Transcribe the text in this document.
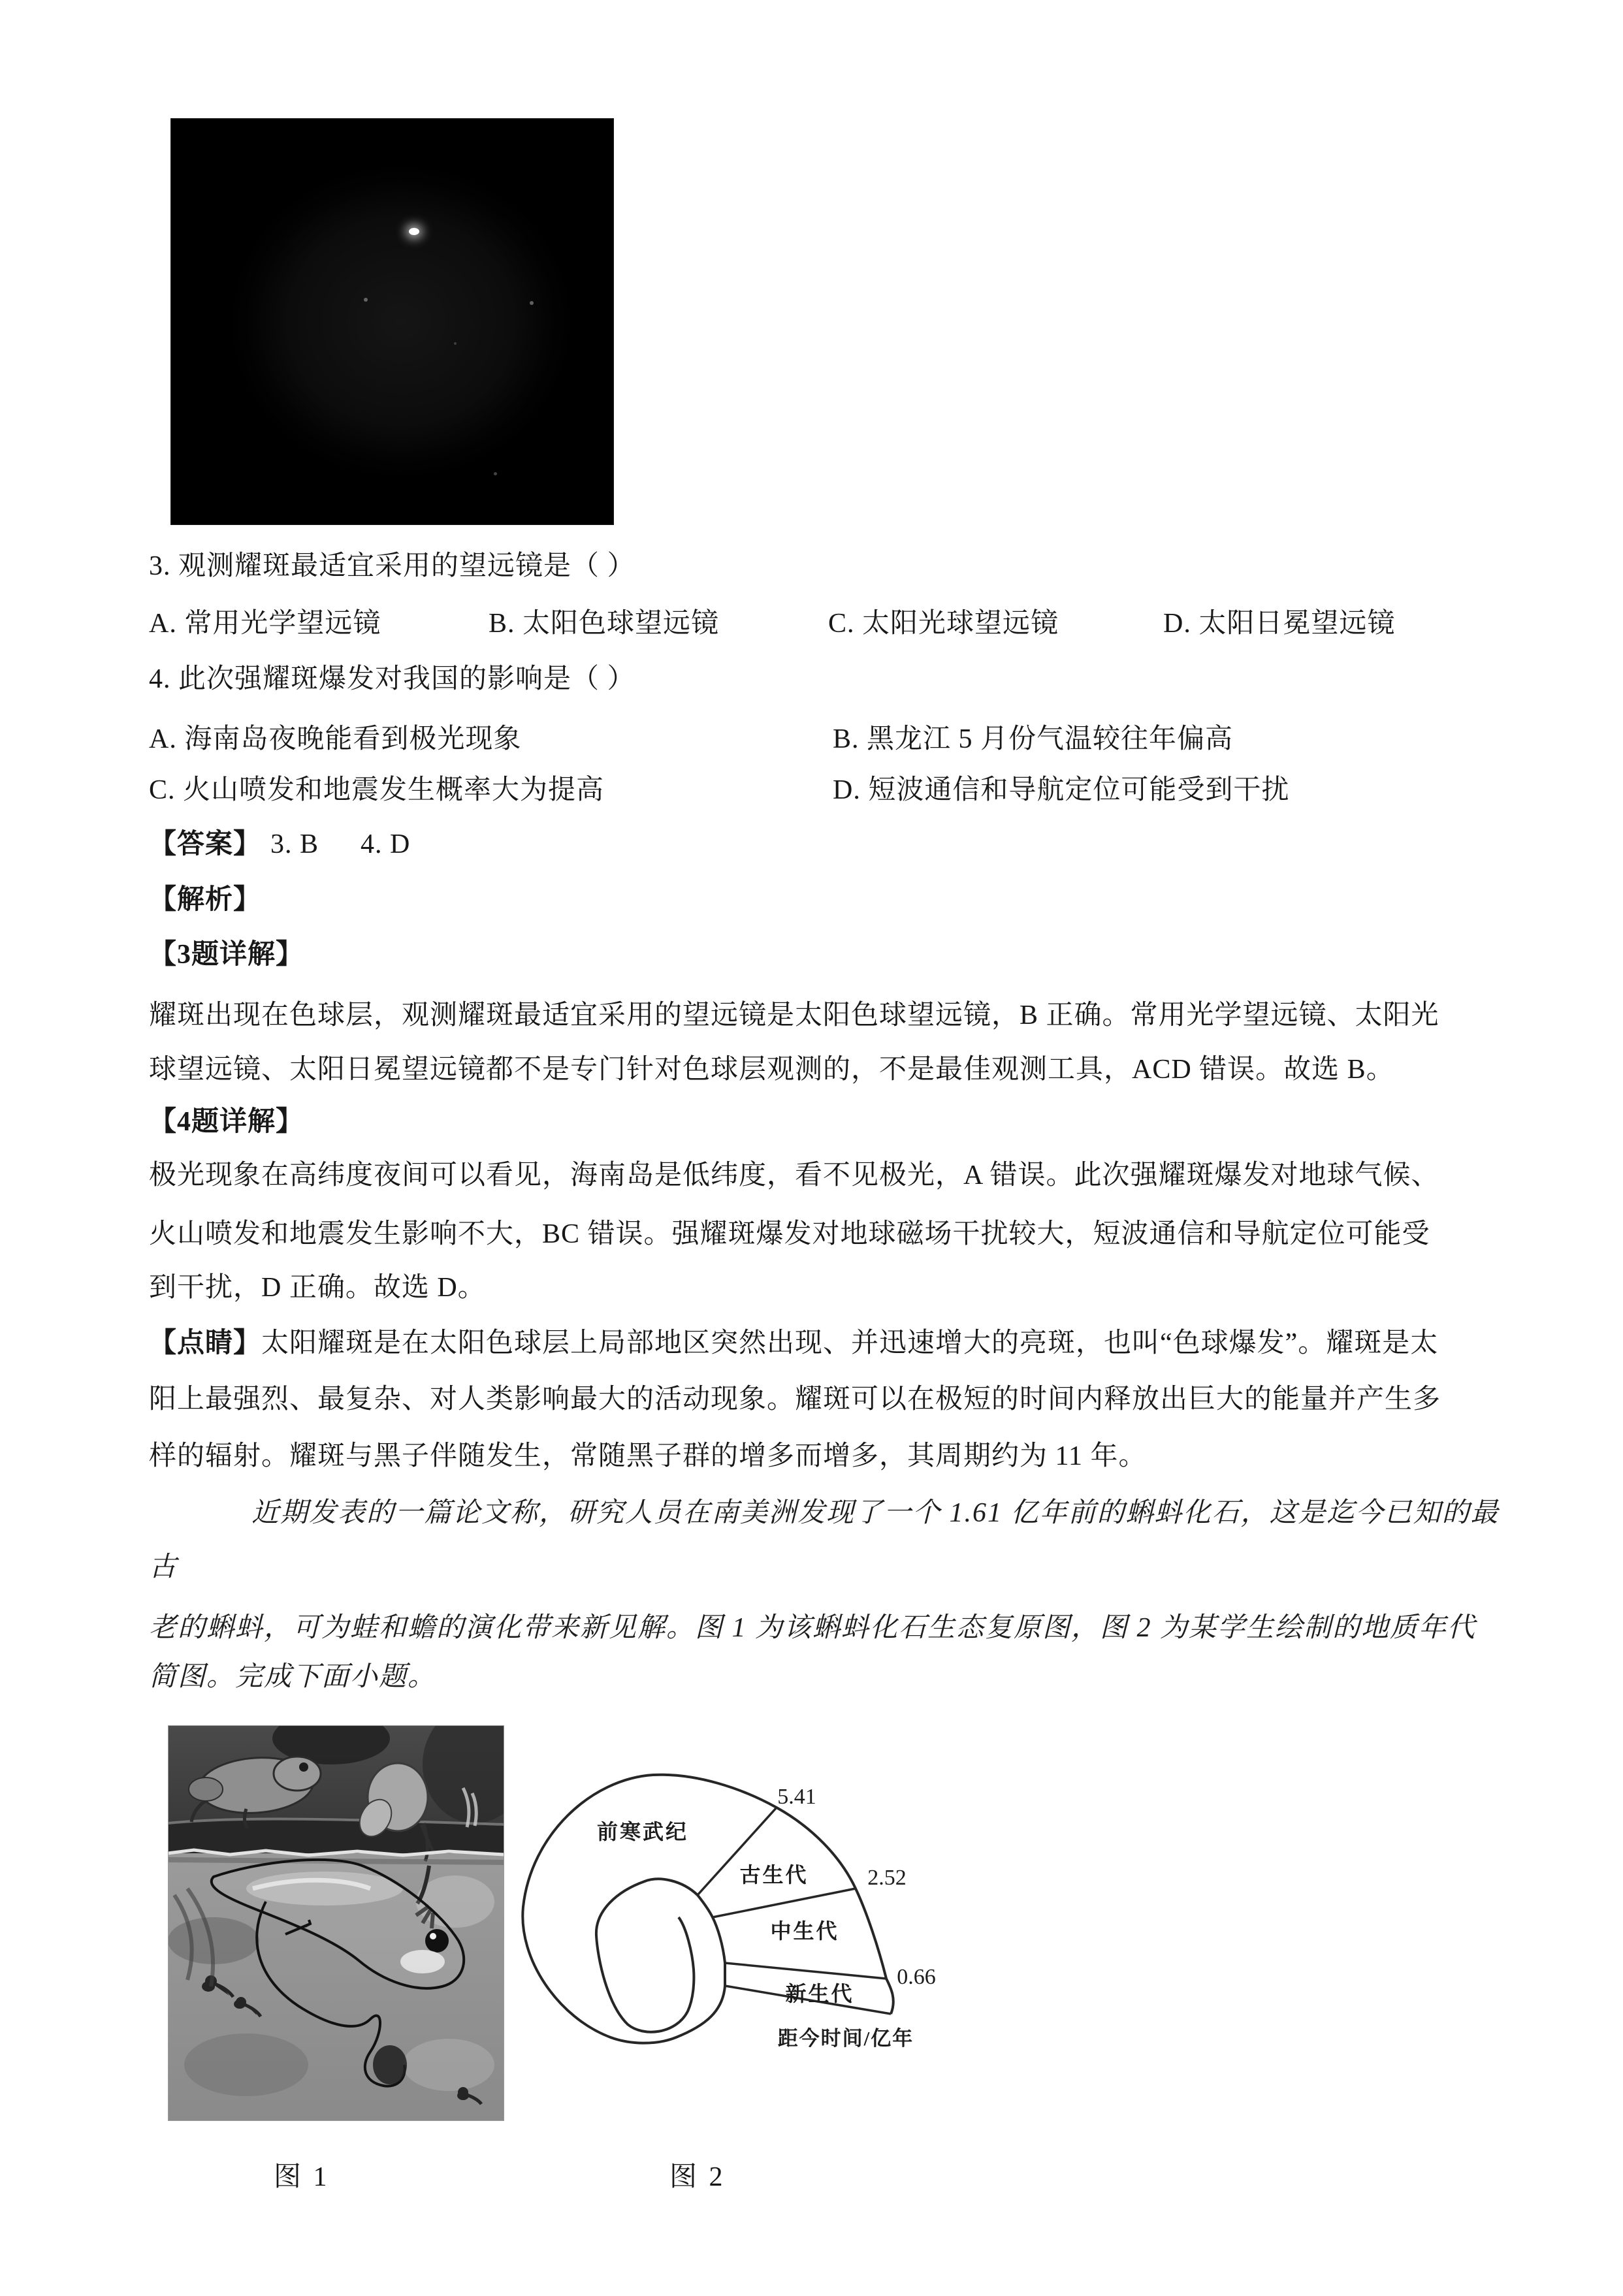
3. 观测耀斑最适宜采用的望远镜是（ ）
A. 常用光学望远镜	B. 太阳色球望远镜	C. 太阳光球望远镜	D. 太阳日冕望远镜
4. 此次强耀斑爆发对我国的影响是（ ）
A. 海南岛夜晚能看到极光现象	B. 黑龙江 5 月份气温较往年偏高
C. 火山喷发和地震发生概率大为提高	D. 短波通信和导航定位可能受到干扰
【答案】 3. B 4. D
【解析】
【3题详解】
耀斑出现在色球层，观测耀斑最适宜采用的望远镜是太阳色球望远镜，B 正确。常用光学望远镜、太阳光
球望远镜、太阳日冕望远镜都不是专门针对色球层观测的，不是最佳观测工具，ACD 错误。故选 B。
【4题详解】
极光现象在高纬度夜间可以看见，海南岛是低纬度，看不见极光，A 错误。此次强耀斑爆发对地球气候、
火山喷发和地震发生影响不大，BC 错误。强耀斑爆发对地球磁场干扰较大，短波通信和导航定位可能受
到干扰，D 正确。故选 D。
【点睛】太阳耀斑是在太阳色球层上局部地区突然出现、并迅速增大的亮斑，也叫“色球爆发”。耀斑是太
阳上最强烈、最复杂、对人类影响最大的活动现象。耀斑可以在极短的时间内释放出巨大的能量并产生多
样的辐射。耀斑与黑子伴随发生，常随黑子群的增多而增多，其周期约为 11 年。
近期发表的一篇论文称，研究人员在南美洲发现了一个 1.61 亿年前的蝌蚪化石，这是迄今已知的最
古
老的蝌蚪，可为蛙和蟾的演化带来新见解。图 1 为该蝌蚪化石生态复原图，图 2 为某学生绘制的地质年代
简图。完成下面小题。
前寒武纪
古生代
中生代
新生代
5.41
2.52
0.66
距今时间/亿年
图 1	图 2
